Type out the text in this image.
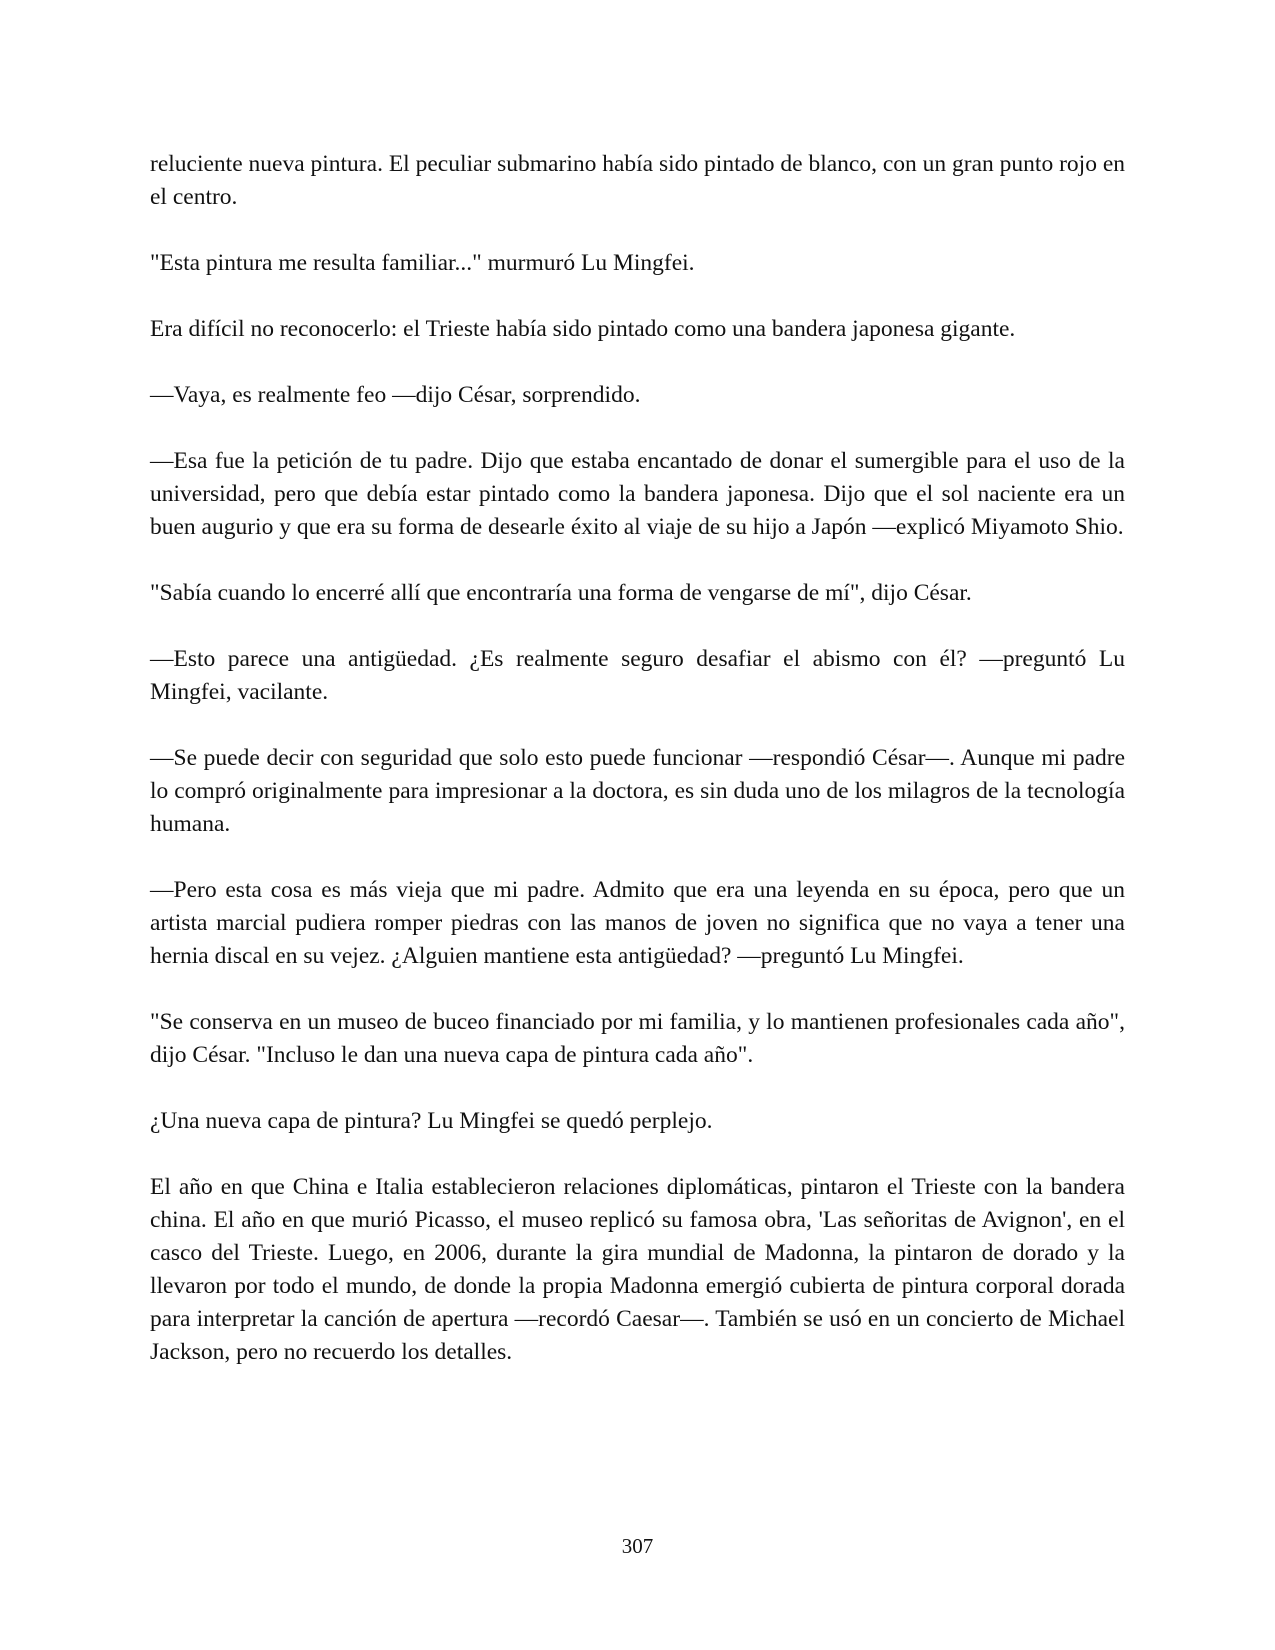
reluciente nueva pintura. El peculiar submarino había sido pintado de blanco, con un gran punto rojo en el centro.

"Esta pintura me resulta familiar..." murmuró Lu Mingfei.

Era difícil no reconocerlo: el Trieste había sido pintado como una bandera japonesa gigante.

—Vaya, es realmente feo —dijo César, sorprendido.

—Esa fue la petición de tu padre. Dijo que estaba encantado de donar el sumergible para el uso de la universidad, pero que debía estar pintado como la bandera japonesa. Dijo que el sol naciente era un buen augurio y que era su forma de desearle éxito al viaje de su hijo a Japón —explicó Miyamoto Shio.

"Sabía cuando lo encerré allí que encontraría una forma de vengarse de mí", dijo César.

—Esto parece una antigüedad. ¿Es realmente seguro desafiar el abismo con él? —preguntó Lu Mingfei, vacilante.

—Se puede decir con seguridad que solo esto puede funcionar —respondió César—. Aunque mi padre lo compró originalmente para impresionar a la doctora, es sin duda uno de los milagros de la tecnología humana.

—Pero esta cosa es más vieja que mi padre. Admito que era una leyenda en su época, pero que un artista marcial pudiera romper piedras con las manos de joven no significa que no vaya a tener una hernia discal en su vejez. ¿Alguien mantiene esta antigüedad? —preguntó Lu Mingfei.

"Se conserva en un museo de buceo financiado por mi familia, y lo mantienen profesionales cada año", dijo César. "Incluso le dan una nueva capa de pintura cada año".

¿Una nueva capa de pintura? Lu Mingfei se quedó perplejo.

El año en que China e Italia establecieron relaciones diplomáticas, pintaron el Trieste con la bandera china. El año en que murió Picasso, el museo replicó su famosa obra, 'Las señoritas de Avignon', en el casco del Trieste. Luego, en 2006, durante la gira mundial de Madonna, la pintaron de dorado y la llevaron por todo el mundo, de donde la propia Madonna emergió cubierta de pintura corporal dorada para interpretar la canción de apertura —recordó Caesar—. También se usó en un concierto de Michael Jackson, pero no recuerdo los detalles.

307
